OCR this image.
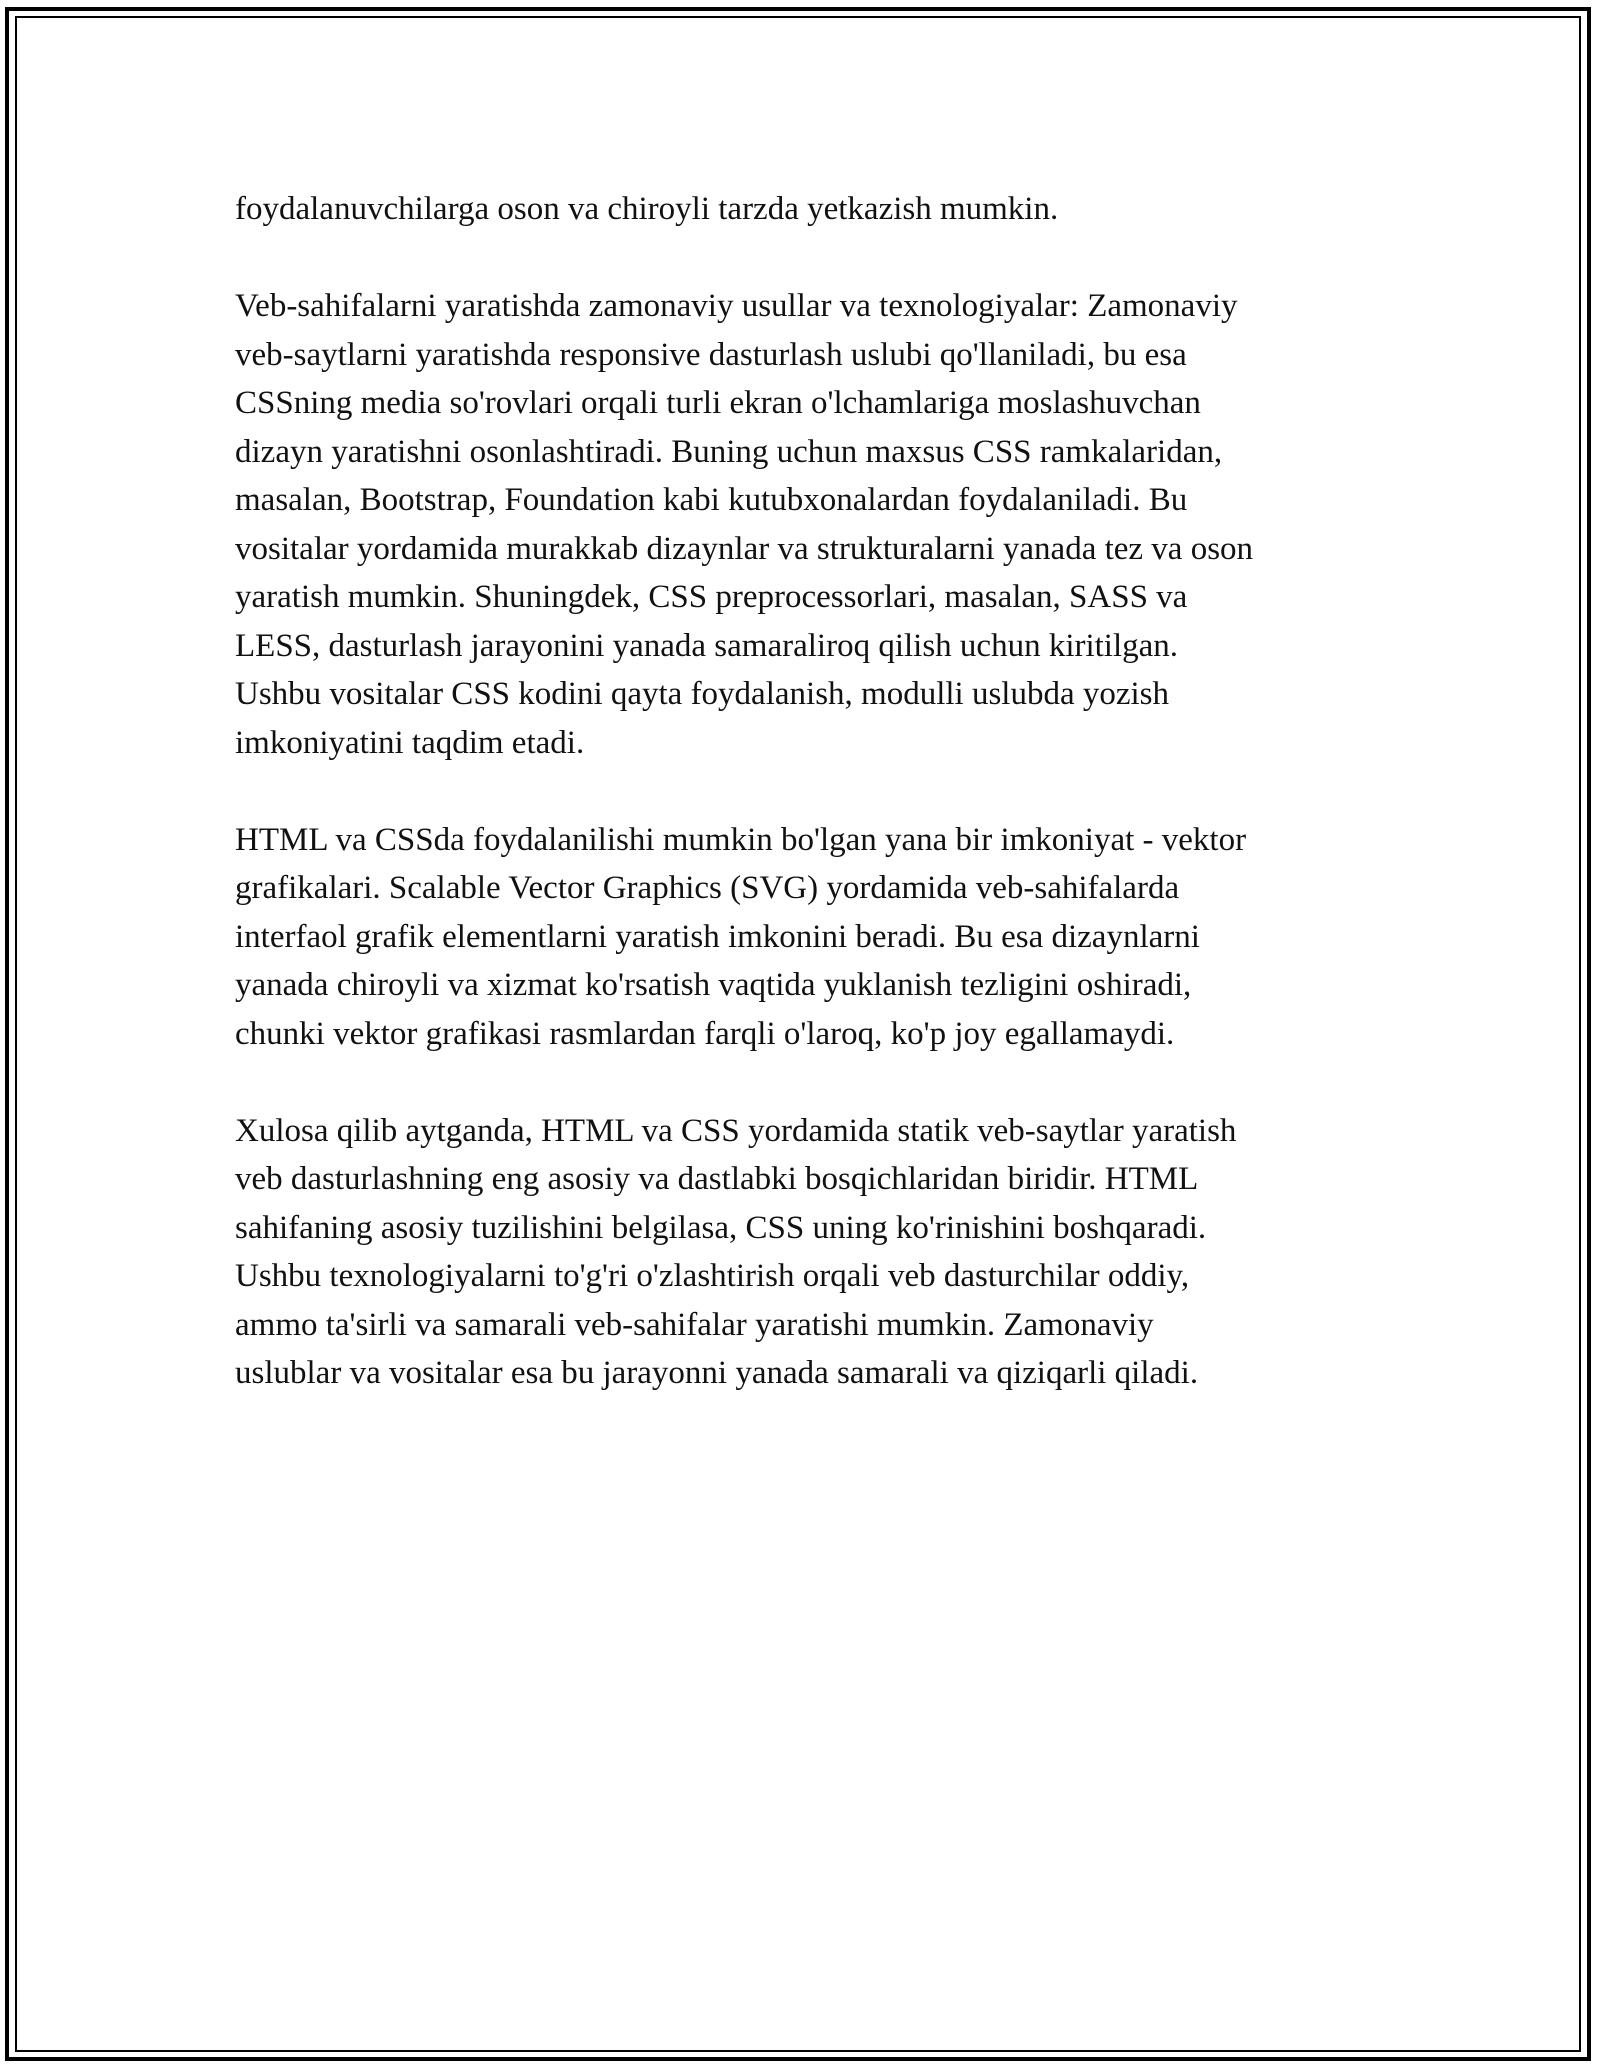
foydalanuvchilarga oson va chiroyli tarzda yetkazish mumkin.

Veb-sahifalarni yaratishda zamonaviy usullar va texnologiyalar: Zamonaviy
veb-saytlarni yaratishda responsive dasturlash uslubi qo'llaniladi, bu esa
CSSning media so'rovlari orqali turli ekran o'lchamlariga moslashuvchan
dizayn yaratishni osonlashtiradi. Buning uchun maxsus CSS ramkalaridan,
masalan, Bootstrap, Foundation kabi kutubxonalardan foydalaniladi. Bu
vositalar yordamida murakkab dizaynlar va strukturalarni yanada tez va oson
yaratish mumkin. Shuningdek, CSS preprocessorlari, masalan, SASS va
LESS, dasturlash jarayonini yanada samaraliroq qilish uchun kiritilgan.
Ushbu vositalar CSS kodini qayta foydalanish, modulli uslubda yozish
imkoniyatini taqdim etadi.

HTML va CSSda foydalanilishi mumkin bo'lgan yana bir imkoniyat - vektor
grafikalari. Scalable Vector Graphics (SVG) yordamida veb-sahifalarda
interfaol grafik elementlarni yaratish imkonini beradi. Bu esa dizaynlarni
yanada chiroyli va xizmat ko'rsatish vaqtida yuklanish tezligini oshiradi,
chunki vektor grafikasi rasmlardan farqli o'laroq, ko'p joy egallamaydi.

Xulosa qilib aytganda, HTML va CSS yordamida statik veb-saytlar yaratish
veb dasturlashning eng asosiy va dastlabki bosqichlaridan biridir. HTML
sahifaning asosiy tuzilishini belgilasa, CSS uning ko'rinishini boshqaradi.
Ushbu texnologiyalarni to'g'ri o'zlashtirish orqali veb dasturchilar oddiy,
ammo ta'sirli va samarali veb-sahifalar yaratishi mumkin. Zamonaviy
uslublar va vositalar esa bu jarayonni yanada samarali va qiziqarli qiladi.
